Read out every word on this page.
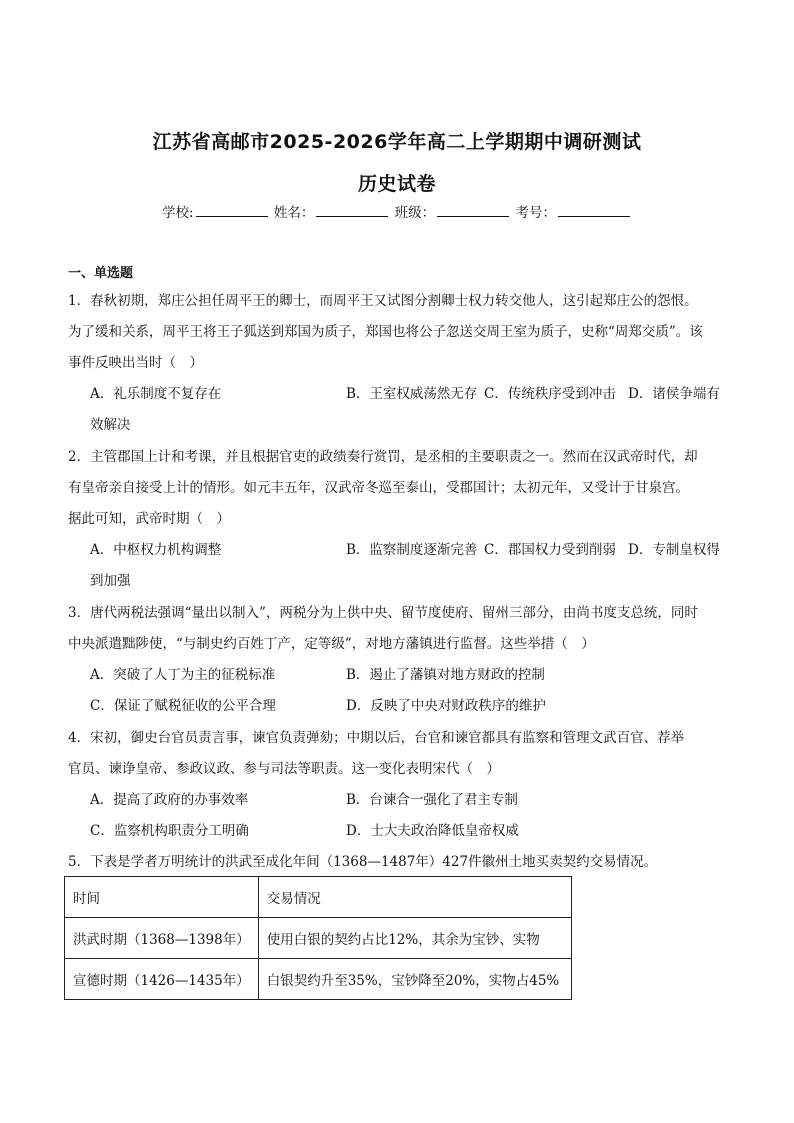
江苏省高邮市2025-2026学年高二上学期期中调研测试
历史试卷
学校:	姓名：	班级：	考号：
一、单选题
1．春秋初期，郑庄公担任周平王的卿士，而周平王又试图分割卿士权力转交他人，这引起郑庄公的怨恨。
为了缓和关系，周平王将王子狐送到郑国为质子，郑国也将公子忽送交周王室为质子，史称“周郑交质”。该
事件反映出当时（　）
A．礼乐制度不复存在	B．王室权威荡然无存 C．传统秩序受到冲击 D．诸侯争端有
效解决
2．主管郡国上计和考课，并且根据官吏的政绩奏行赏罚，是丞相的主要职责之一。然而在汉武帝时代，却
有皇帝亲自接受上计的情形。如元丰五年，汉武帝冬巡至泰山，受郡国计；太初元年，又受计于甘泉宫。
据此可知，武帝时期（　）
A．中枢权力机构调整	B．监察制度逐渐完善 C．郡国权力受到削弱 D．专制皇权得
到加强
3．唐代两税法强调“量出以制入”，两税分为上供中央、留节度使府、留州三部分，由尚书度支总统，同时
中央派遣黜陟使，“与制史约百姓丁产，定等级”，对地方藩镇进行监督。这些举措（　）
A．突破了人丁为主的征税标准	B．遏止了藩镇对地方财政的控制
C．保证了赋税征收的公平合理	D．反映了中央对财政秩序的维护
4．宋初，御史台官员责言事，谏官负责弹劾；中期以后，台官和谏官都具有监察和管理文武百官、荐举
官员、谏诤皇帝、参政议政、参与司法等职责。这一变化表明宋代（　）
A．提高了政府的办事效率	B．台谏合一强化了君主专制
C．监察机构职责分工明确	D．士大夫政治降低皇帝权威
5．下表是学者万明统计的洪武至成化年间（1368—1487年）427件徽州土地买卖契约交易情况。
时间	交易情况
洪武时期（1368—1398年）	使用白银的契约占比12%，其余为宝钞、实物
宣德时期（1426—1435年）	白银契约升至35%，宝钞降至20%，实物占45%
